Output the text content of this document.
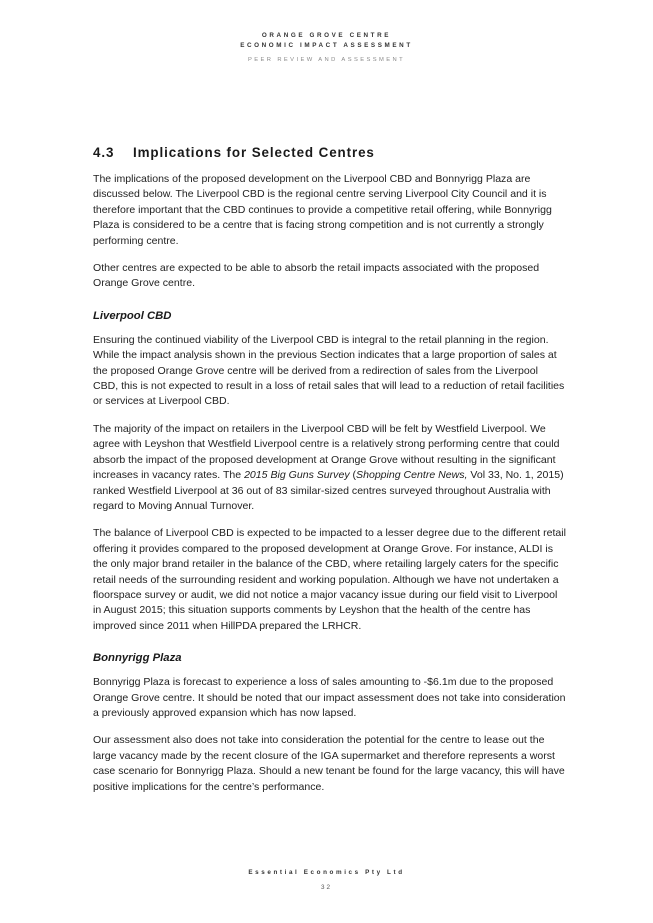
ORANGE GROVE CENTRE
ECONOMIC IMPACT ASSESSMENT
PEER REVIEW AND ASSESSMENT
4.3 Implications for Selected Centres

The implications of the proposed development on the Liverpool CBD and Bonnyrigg Plaza are discussed below. The Liverpool CBD is the regional centre serving Liverpool City Council and it is therefore important that the CBD continues to provide a competitive retail offering, while Bonnyrigg Plaza is considered to be a centre that is facing strong competition and is not currently a strongly performing centre.

Other centres are expected to be able to absorb the retail impacts associated with the proposed Orange Grove centre.

Liverpool CBD

Ensuring the continued viability of the Liverpool CBD is integral to the retail planning in the region. While the impact analysis shown in the previous Section indicates that a large proportion of sales at the proposed Orange Grove centre will be derived from a redirection of sales from the Liverpool CBD, this is not expected to result in a loss of retail sales that will lead to a reduction of retail facilities or services at Liverpool CBD.

The majority of the impact on retailers in the Liverpool CBD will be felt by Westfield Liverpool. We agree with Leyshon that Westfield Liverpool centre is a relatively strong performing centre that could absorb the impact of the proposed development at Orange Grove without resulting in the significant increases in vacancy rates. The 2015 Big Guns Survey (Shopping Centre News, Vol 33, No. 1, 2015) ranked Westfield Liverpool at 36 out of 83 similar-sized centres surveyed throughout Australia with regard to Moving Annual Turnover.

The balance of Liverpool CBD is expected to be impacted to a lesser degree due to the different retail offering it provides compared to the proposed development at Orange Grove. For instance, ALDI is the only major brand retailer in the balance of the CBD, where retailing largely caters for the specific retail needs of the surrounding resident and working population. Although we have not undertaken a floorspace survey or audit, we did not notice a major vacancy issue during our field visit to Liverpool in August 2015; this situation supports comments by Leyshon that the health of the centre has improved since 2011 when HillPDA prepared the LRHCR.

Bonnyrigg Plaza

Bonnyrigg Plaza is forecast to experience a loss of sales amounting to -$6.1m due to the proposed Orange Grove centre. It should be noted that our impact assessment does not take into consideration a previously approved expansion which has now lapsed.

Our assessment also does not take into consideration the potential for the centre to lease out the large vacancy made by the recent closure of the IGA supermarket and therefore represents a worst case scenario for Bonnyrigg Plaza. Should a new tenant be found for the large vacancy, this will have positive implications for the centre’s performance.

Essential Economics Pty Ltd
32
